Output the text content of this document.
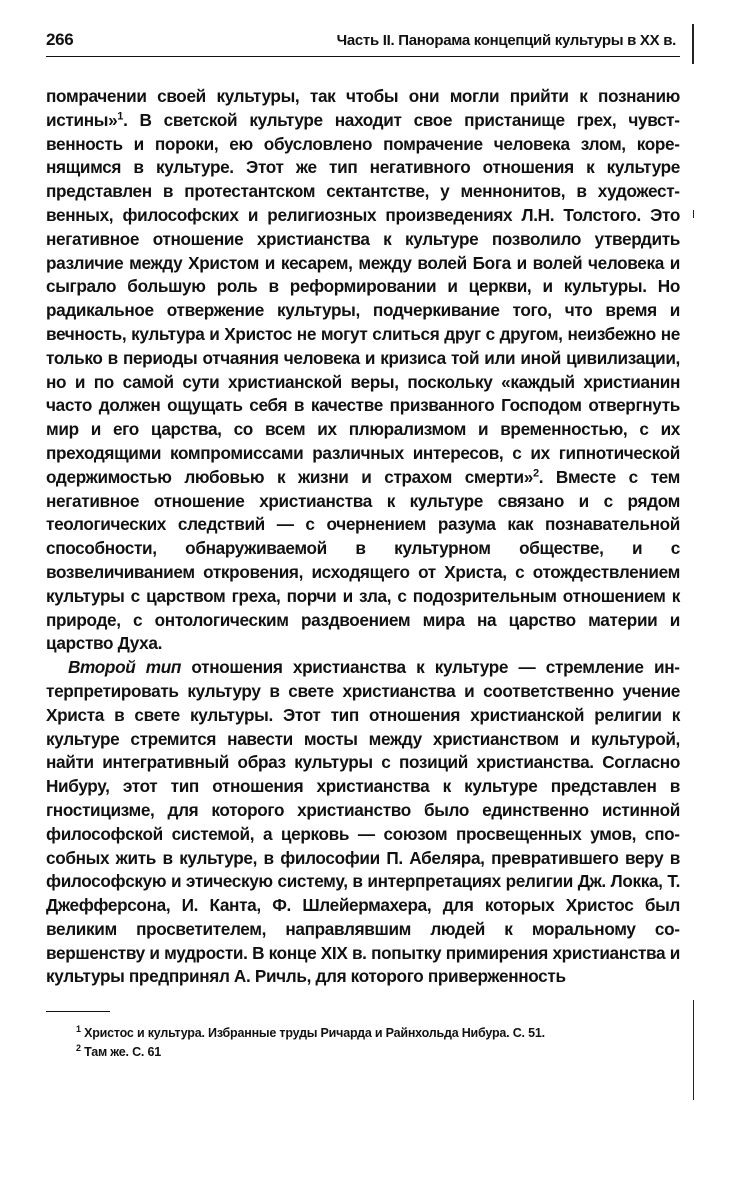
266	Часть II. Панорама концепций культуры в XX в.

помрачении своей культуры, так чтобы они могли прийти к познанию истины»$^1$. В светской культуре находит свое пристанище грех, чувственность и пороки, ею обусловлено помрачение человека злом, коренящимся в культуре. Этот же тип негативного отношения к культуре представлен в протестантском сектантстве, у меннонитов, в художественных, философских и религиозных произведениях Л.Н. Толстого. Это негативное отношение христианства к культуре позволило утвердить различие между Христом и кесарем, между волей Бога и волей человека и сыграло большую роль в реформировании и церкви, и культуры. Но радикальное отвержение культуры, подчеркивание того, что время и вечность, культура и Христос не могут слиться друг с другом, неизбежно не только в периоды отчаяния человека и кризиса той или иной цивилизации, но и по самой сути христианской веры, поскольку «каждый христианин часто должен ощущать себя в качестве призванного Господом отвергнуть мир и его царства, со всем их плюрализмом и временностью, с их преходящими компромиссами различных интересов, с их гипнотической одержимостью любовью к жизни и страхом смерти»$^2$. Вместе с тем негативное отношение христианства к культуре связано и с рядом теологических следствий — с очернением разума как познавательной способности, обнаруживаемой в культурном обществе, и с возвеличиванием откровения, исходящего от Христа, с отождествлением культуры с царством греха, порчи и зла, с подозрительным отношением к природе, с онтологическим раздвоением мира на царство материи и царство Духа.

Второй тип отношения христианства к культуре — стремление интерпретировать культуру в свете христианства и соответственно учение Христа в свете культуры. Этот тип отношения христианской религии к культуре стремится навести мосты между христианством и культурой, найти интегративный образ культуры с позиций христианства. Согласно Нибуру, этот тип отношения христианства к культуре представлен в гностицизме, для которого христианство было единственно истинной философской системой, а церковь — союзом просвещенных умов, способных жить в культуре, в философии П. Абеляра, превратившего веру в философскую и этическую систему, в интерпретациях религии Дж. Локка, Т. Джефферсона, И. Канта, Ф. Шлейермахера, для которых Христос был великим просветителем, направлявшим людей к моральному совершенству и мудрости. В конце XIX в. попытку примирения христианства и культуры предпринял А. Ричль, для которого приверженность

$^1$ Христос и культура. Избранные труды Ричарда и Райнхольда Нибура. С. 51.
$^2$ Там же. С. 61
